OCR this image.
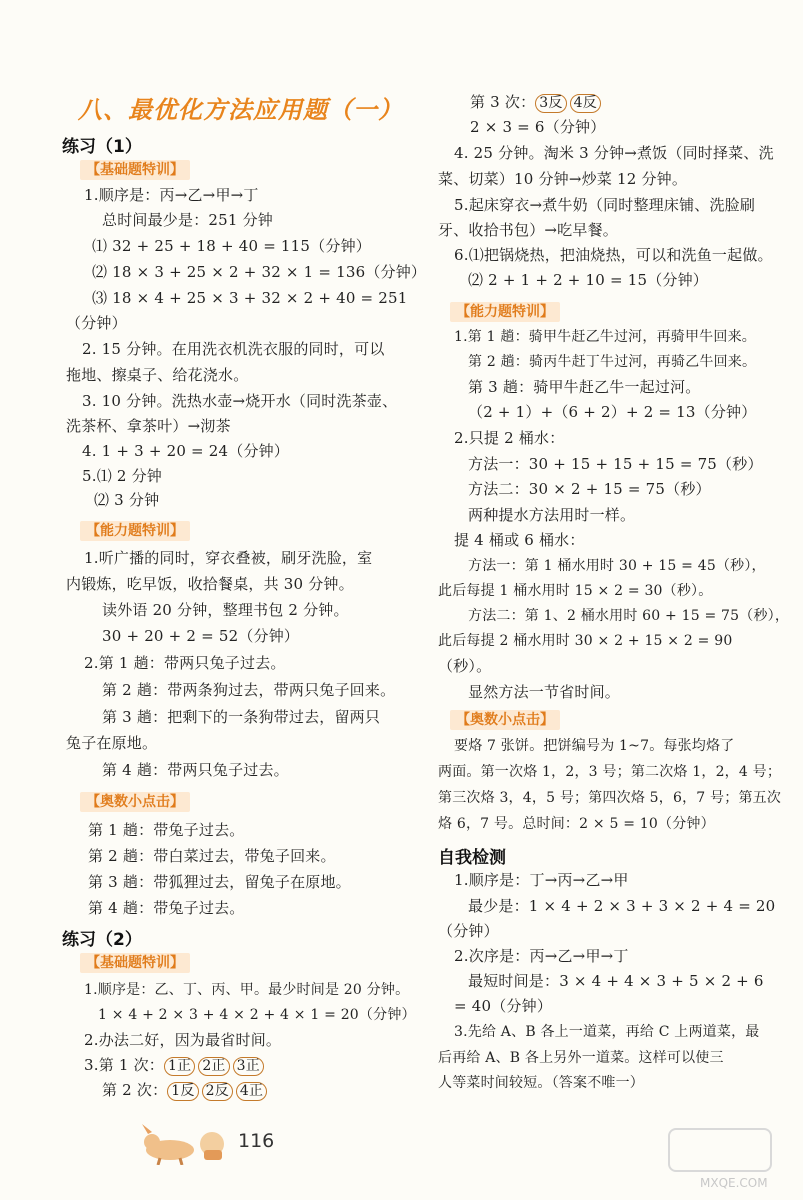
八、最优化方法应用题（一）
练习（1）
【基础题特训】
1.顺序是：丙→乙→甲→丁
总时间最少是：251 分钟
⑴ 32 + 25 + 18 + 40 = 115（分钟）
⑵ 18 × 3 + 25 × 2 + 32 × 1 = 136（分钟）
⑶ 18 × 4 + 25 × 3 + 32 × 2 + 40 = 251
（分钟）
2. 15 分钟。在用洗衣机洗衣服的同时，可以
拖地、擦桌子、给花浇水。
3. 10 分钟。洗热水壶→烧开水（同时洗茶壶、
洗茶杯、拿茶叶）→沏茶
4. 1 + 3 + 20 = 24（分钟）
5.⑴ 2 分钟
⑵ 3 分钟
【能力题特训】
1.听广播的同时，穿衣叠被，刷牙洗脸，室
内锻炼，吃早饭，收拾餐桌，共 30 分钟。
读外语 20 分钟，整理书包 2 分钟。
30 + 20 + 2 = 52（分钟）
2.第 1 趟：带两只兔子过去。
第 2 趟：带两条狗过去，带两只兔子回来。
第 3 趟：把剩下的一条狗带过去，留两只
兔子在原地。
第 4 趟：带两只兔子过去。
【奥数小点击】
第 1 趟：带兔子过去。
第 2 趟：带白菜过去，带兔子回来。
第 3 趟：带狐狸过去，留兔子在原地。
第 4 趟：带兔子过去。
练习（2）
【基础题特训】
1.顺序是：乙、丁、丙、甲。最少时间是 20 分钟。
1 × 4 + 2 × 3 + 4 × 2 + 4 × 1 = 20（分钟）
2.办法二好，因为最省时间。
3.第 1 次： 1正 2正 3正
第 2 次： 1反 2反 4正
第 3 次： 3反 4反
2 × 3 = 6（分钟）
4. 25 分钟。淘米 3 分钟→煮饭（同时择菜、洗
菜、切菜）10 分钟→炒菜 12 分钟。
5.起床穿衣→煮牛奶（同时整理床铺、洗脸刷
牙、收拾书包）→吃早餐。
6.⑴把锅烧热，把油烧热，可以和洗鱼一起做。
⑵ 2 + 1 + 2 + 10 = 15（分钟）
【能力题特训】
1.第 1 趟：骑甲牛赶乙牛过河，再骑甲牛回来。
第 2 趟：骑丙牛赶丁牛过河，再骑乙牛回来。
第 3 趟：骑甲牛赶乙牛一起过河。
（2 + 1）+（6 + 2）+ 2 = 13（分钟）
2.只提 2 桶水：
方法一：30 + 15 + 15 + 15 = 75（秒）
方法二：30 × 2 + 15 = 75（秒）
两种提水方法用时一样。
提 4 桶或 6 桶水：
方法一：第 1 桶水用时 30 + 15 = 45（秒），
此后每提 1 桶水用时 15 × 2 = 30（秒）。
方法二：第 1、2 桶水用时 60 + 15 = 75（秒），
此后每提 2 桶水用时 30 × 2 + 15 × 2 = 90
（秒）。
显然方法一节省时间。
【奥数小点击】
要烙 7 张饼。把饼编号为 1~7。每张均烙了
两面。第一次烙 1，2，3 号；第二次烙 1，2，4 号；
第三次烙 3，4，5 号；第四次烙 5，6，7 号；第五次
烙 6，7 号。总时间：2 × 5 = 10（分钟）
自我检测
1.顺序是：丁→丙→乙→甲
最少是：1 × 4 + 2 × 3 + 3 × 2 + 4 = 20
（分钟）
2.次序是：丙→乙→甲→丁
最短时间是：3 × 4 + 4 × 3 + 5 × 2 + 6
= 40（分钟）
3.先给 A、B 各上一道菜，再给 C 上两道菜，最
后再给 A、B 各上另外一道菜。这样可以使三
人等菜时间较短。（答案不唯一）
116
MXQE.COM
